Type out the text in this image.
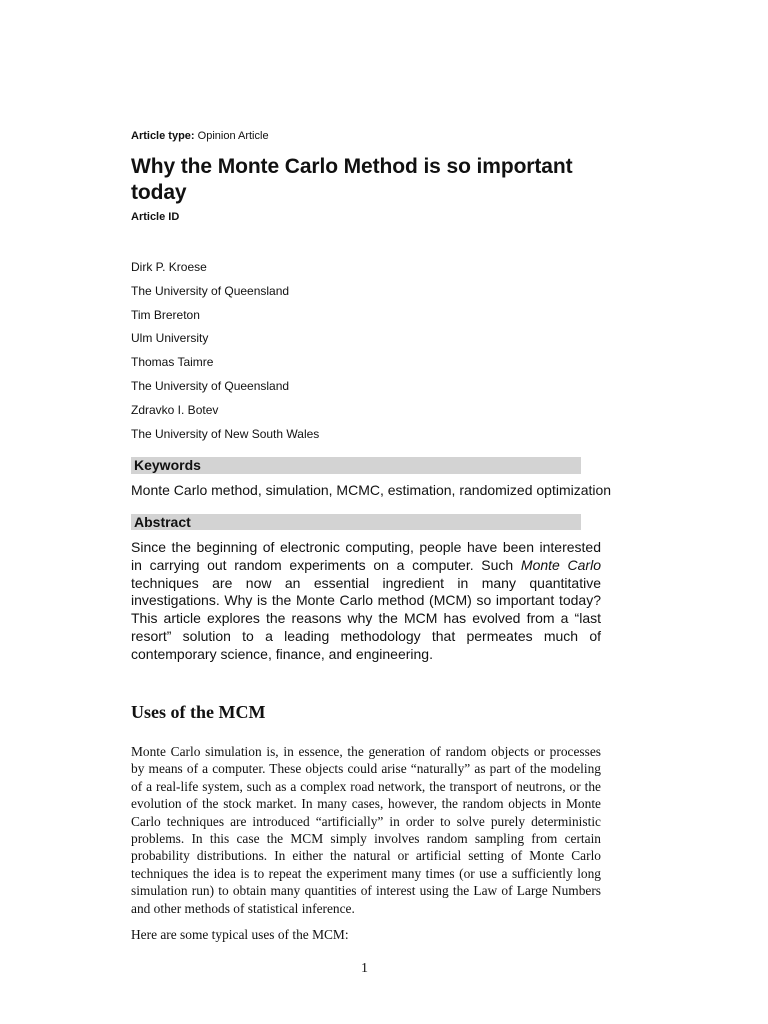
Article type: Opinion Article
Why the Monte Carlo Method is so important today
Article ID
Dirk P. Kroese
The University of Queensland
Tim Brereton
Ulm University
Thomas Taimre
The University of Queensland
Zdravko I. Botev
The University of New South Wales
Keywords
Monte Carlo method, simulation, MCMC, estimation, randomized optimization
Abstract

Since the beginning of electronic computing, people have been interested in carrying out random experiments on a computer. Such Monte Carlo techniques are now an essential ingredient in many quantitative investigations. Why is the Monte Carlo method (MCM) so important today? This article explores the reasons why the MCM has evolved from a “last resort” solution to a leading methodology that permeates much of contemporary science, finance, and engineering.

Uses of the MCM

Monte Carlo simulation is, in essence, the generation of random objects or processes by means of a computer. These objects could arise “naturally” as part of the modeling of a real-life system, such as a complex road network, the transport of neutrons, or the evolution of the stock market. In many cases, however, the random objects in Monte Carlo techniques are introduced “artificially” in order to solve purely deterministic problems. In this case the MCM simply involves random sampling from certain probability distributions. In either the natural or artificial setting of Monte Carlo techniques the idea is to repeat the experiment many times (or use a sufficiently long simulation run) to obtain many quantities of interest using the Law of Large Numbers and other methods of statistical inference.

Here are some typical uses of the MCM:

1
